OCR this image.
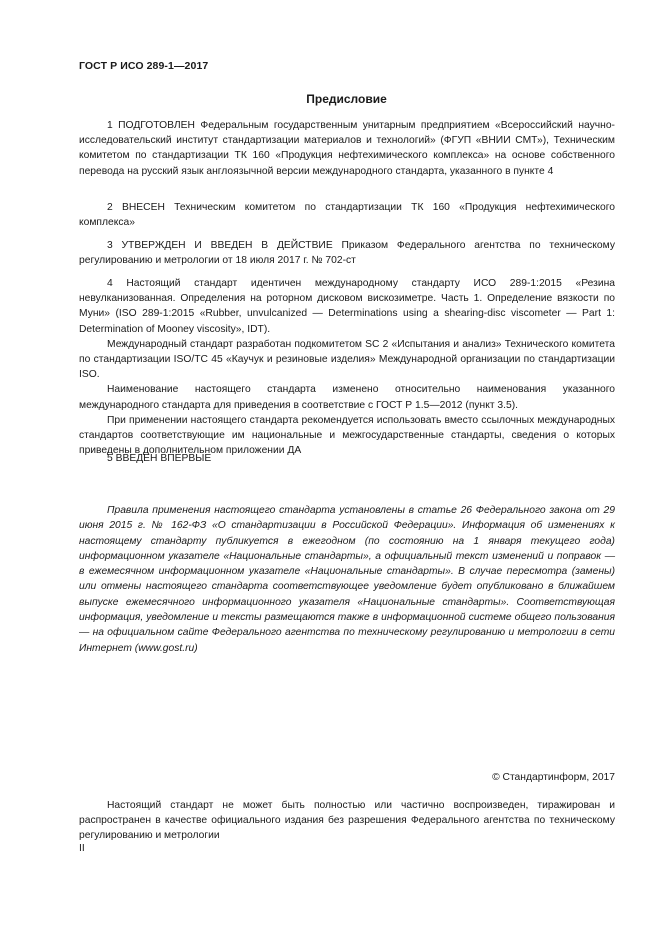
ГОСТ Р ИСО 289-1—2017
Предисловие
1 ПОДГОТОВЛЕН Федеральным государственным унитарным предприятием «Всероссийский научно-исследовательский институт стандартизации материалов и технологий» (ФГУП «ВНИИ СМТ»), Техническим комитетом по стандартизации ТК 160 «Продукция нефтехимического комплекса» на основе собственного перевода на русский язык англоязычной версии международного стандарта, указанного в пункте 4
2 ВНЕСЕН Техническим комитетом по стандартизации ТК 160 «Продукция нефтехимического комплекса»
3 УТВЕРЖДЕН И ВВЕДЕН В ДЕЙСТВИЕ Приказом Федерального агентства по техническому регулированию и метрологии от 18 июля 2017 г. № 702-ст
4 Настоящий стандарт идентичен международному стандарту ИСО 289-1:2015 «Резина невулканизованная. Определения на роторном дисковом вискозиметре. Часть 1. Определение вязкости по Муни» (ISO 289-1:2015 «Rubber, unvulcanized — Determinations using a shearing-disc viscometer — Part 1: Determination of Mooney viscosity», IDT).
Международный стандарт разработан подкомитетом SC 2 «Испытания и анализ» Технического комитета по стандартизации ISO/TC 45 «Каучук и резиновые изделия» Международной организации по стандартизации ISO.
Наименование настоящего стандарта изменено относительно наименования указанного международного стандарта для приведения в соответствие с ГОСТ Р 1.5—2012 (пункт 3.5).
При применении настоящего стандарта рекомендуется использовать вместо ссылочных международных стандартов соответствующие им национальные и межгосударственные стандарты, сведения о которых приведены в дополнительном приложении ДА
5 ВВЕДЕН ВПЕРВЫЕ
Правила применения настоящего стандарта установлены в статье 26 Федерального закона от 29 июня 2015 г. № 162-ФЗ «О стандартизации в Российской Федерации». Информация об изменениях к настоящему стандарту публикуется в ежегодном (по состоянию на 1 января текущего года) информационном указателе «Национальные стандарты», а официальный текст изменений и поправок — в ежемесячном информационном указателе «Национальные стандарты». В случае пересмотра (замены) или отмены настоящего стандарта соответствующее уведомление будет опубликовано в ближайшем выпуске ежемесячного информационного указателя «Национальные стандарты». Соответствующая информация, уведомление и тексты размещаются также в информационной системе общего пользования — на официальном сайте Федерального агентства по техническому регулированию и метрологии в сети Интернет (www.gost.ru)
© Стандартинформ, 2017
Настоящий стандарт не может быть полностью или частично воспроизведен, тиражирован и распространен в качестве официального издания без разрешения Федерального агентства по техническому регулированию и метрологии
II
